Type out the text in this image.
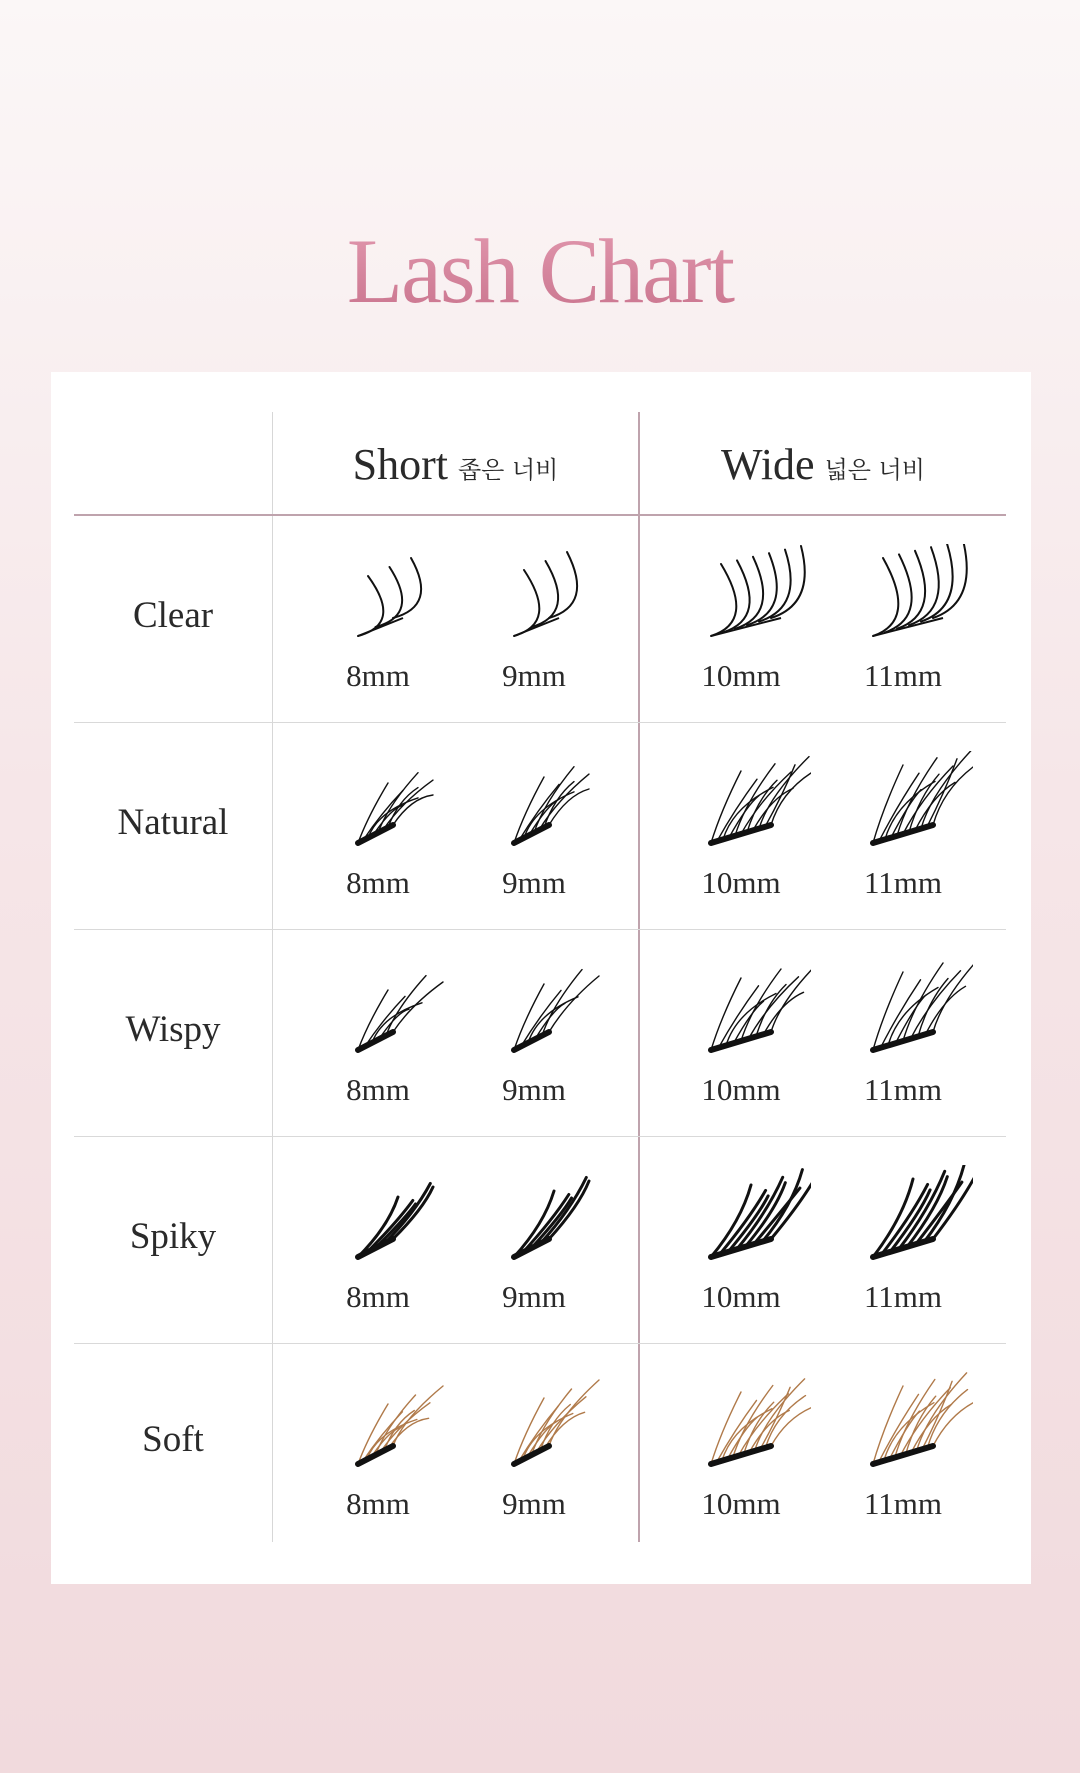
Lash Chart
Short 좁은 너비	Wide 넓은 너비
Clear
8mm	9mm	10mm	11mm
Natural
8mm	9mm	10mm	11mm
Wispy
8mm	9mm	10mm	11mm
Spiky
8mm	9mm	10mm	11mm
Soft
8mm	9mm	10mm	11mm
